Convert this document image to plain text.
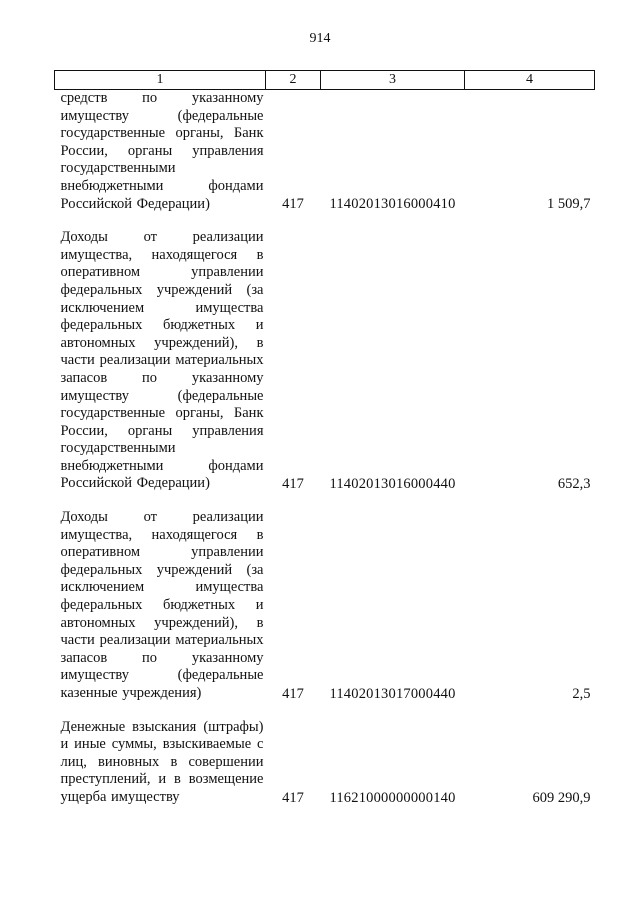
914
1	2	3	4
средств по указанному имуществу (федеральные государственные органы, Банк России, органы управления государственными внебюджетными фондами Российской Федерации)	417	11402013016000410	1 509,7
Доходы от реализации имущества, находящегося в оперативном управлении федеральных учреждений (за исключением имущества федеральных бюджетных и автономных учреждений), в части реализации материальных запасов по указанному имуществу (федеральные государственные органы, Банк России, органы управления государственными внебюджетными фондами Российской Федерации)	417	11402013016000440	652,3
Доходы от реализации имущества, находящегося в оперативном управлении федеральных учреждений (за исключением имущества федеральных бюджетных и автономных учреждений), в части реализации материальных запасов по указанному имуществу (федеральные казенные учреждения)	417	11402013017000440	2,5
Денежные взыскания (штрафы) и иные суммы, взыскиваемые с лиц, виновных в совершении преступлений, и в возмещение ущерба имуществу	417	11621000000000140	609 290,9
